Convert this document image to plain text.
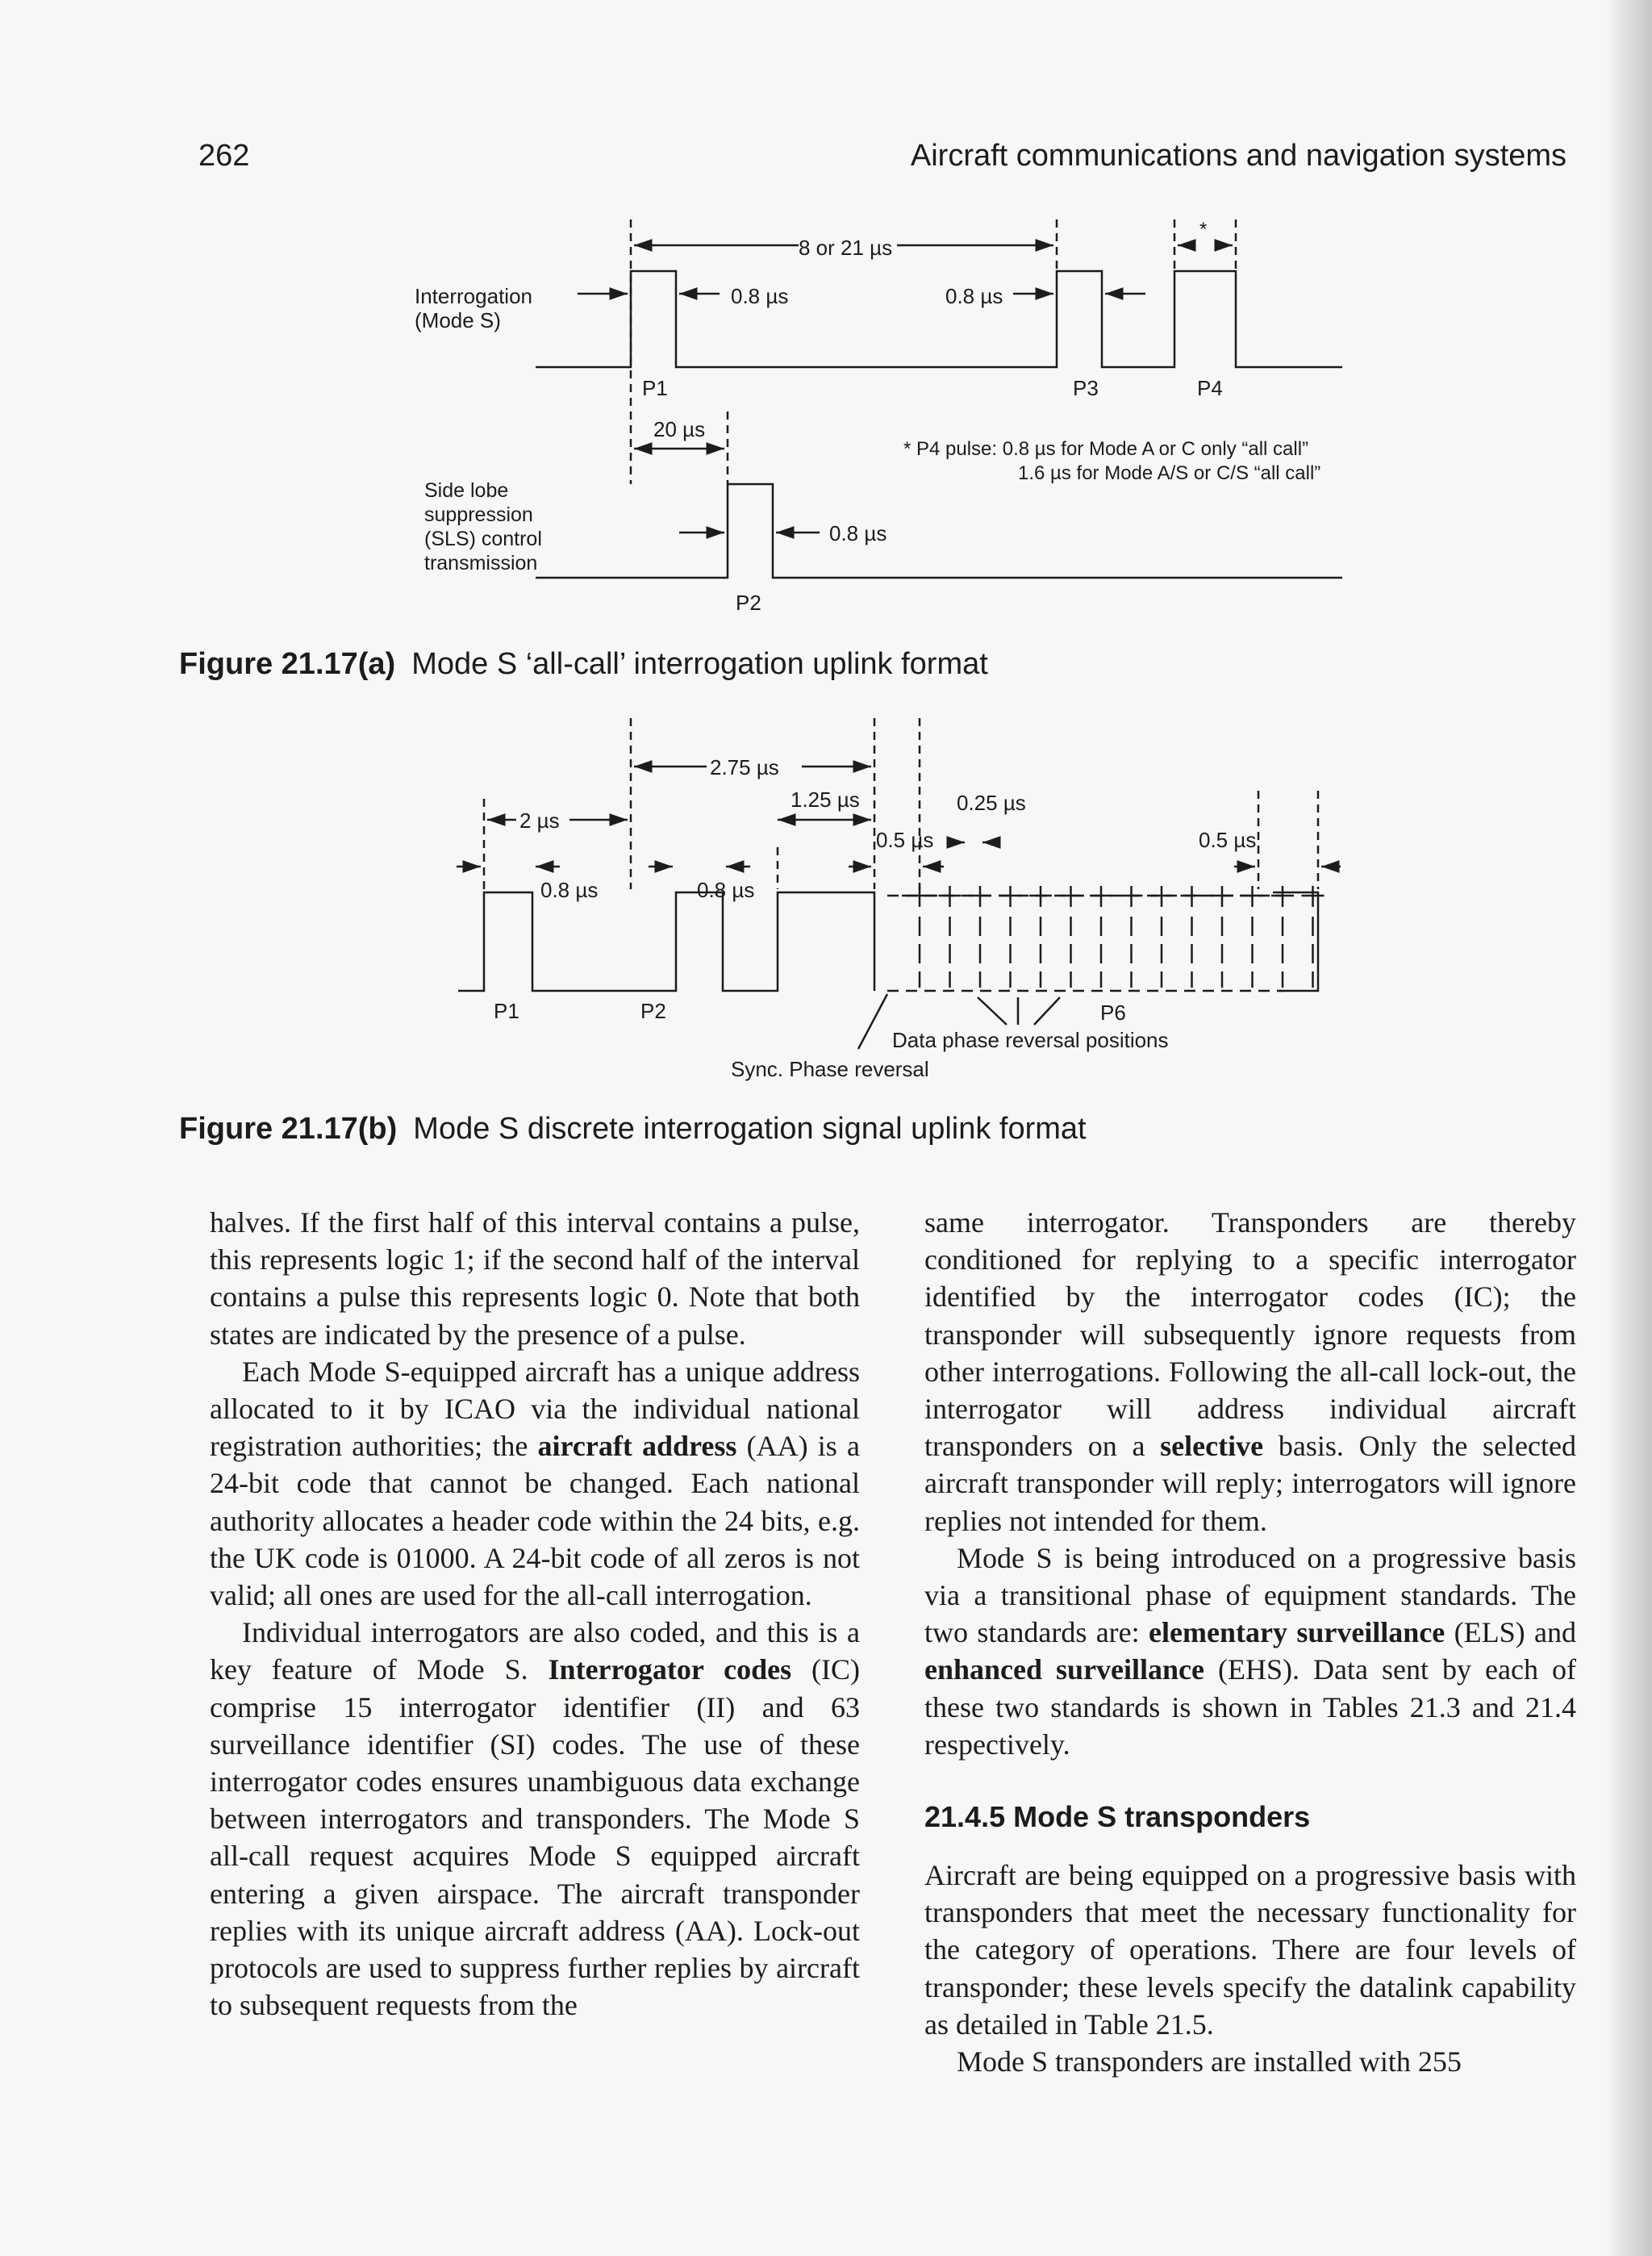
262	Aircraft communications and navigation systems
8 or 21 µs
*
Interrogation
(Mode S)
0.8 µs	0.8 µs
P1	P3	P4
20 µs
* P4 pulse: 0.8 µs for Mode A or C only “all call”
1.6 µs for Mode A/S or C/S “all call”
Side lobe
suppression
(SLS) control
transmission
0.8 µs
P2
Figure 21.17(a) Mode S ‘all-call’ interrogation uplink format
2.75 µs
1.25 µs	0.25 µs
2 µs
0.5 µs	0.5 µs
0.8 µs	0.8 µs
P1	P2	P6
Data phase reversal positions
Sync. Phase reversal
Figure 21.17(b) Mode S discrete interrogation signal uplink format

halves. If the first half of this interval contains a pulse, this represents logic 1; if the second half of the interval contains a pulse this represents logic 0. Note that both states are indicated by the presence of a pulse.

Each Mode S-equipped aircraft has a unique address allocated to it by ICAO via the individual national registration authorities; the aircraft address (AA) is a 24-bit code that cannot be changed. Each national authority allocates a header code within the 24 bits, e.g. the UK code is 01000. A 24-bit code of all zeros is not valid; all ones are used for the all-call interrogation.

Individual interrogators are also coded, and this is a key feature of Mode S. Interrogator codes (IC) comprise 15 interrogator identifier (II) and 63 surveillance identifier (SI) codes. The use of these interrogator codes ensures unambiguous data exchange between interrogators and transponders. The Mode S all-call request acquires Mode S equipped aircraft entering a given airspace. The aircraft transponder replies with its unique aircraft address (AA). Lock-out protocols are used to suppress further replies by aircraft to subsequent requests from the

same interrogator. Transponders are thereby conditioned for replying to a specific interrogator identified by the interrogator codes (IC); the transponder will subsequently ignore requests from other interrogations. Following the all-call lock-out, the interrogator will address individual aircraft transponders on a selective basis. Only the selected aircraft transponder will reply; interrogators will ignore replies not intended for them.

Mode S is being introduced on a progressive basis via a transitional phase of equipment standards. The two standards are: elementary surveillance (ELS) and enhanced surveillance (EHS). Data sent by each of these two standards is shown in Tables 21.3 and 21.4 respectively.

21.4.5 Mode S transponders

Aircraft are being equipped on a progressive basis with transponders that meet the necessary functionality for the category of operations. There are four levels of transponder; these levels specify the datalink capability as detailed in Table 21.5.

Mode S transponders are installed with 255
